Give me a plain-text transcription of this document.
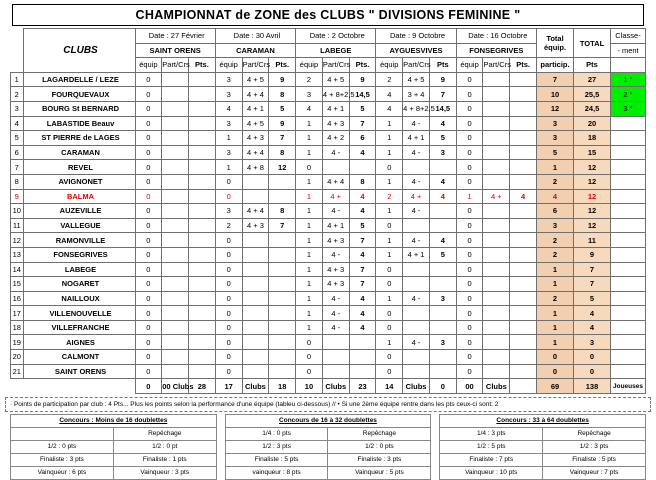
CHAMPIONNAT de ZONE des CLUBS " DIVISIONS FEMININE "
	CLUBS	Date : 27 Février			Date : 30 Avril			Date : 2 Octobre			Date : 9 Octobre			Date : 16 Octobre			Total
équip.	TOTAL	Classe-
		SAINT ORENS			CARAMAN			LABEGE			AYGUESVIVES			FONSEGRIVES					- ment
		équip	Part/Crs	Pts.	équip	Part/Crs	Pts.	équip	Part/Crs	Pts.	équip	Part/Crs	Pts	équip	Part/Crs	Pts.	particip.	Pts	
1	LAGARDELLE / LEZE	0			3	4 + 5	9	2	4 + 5	9	2	4 + 5	9	0			7	27	1 °
2	FOURQUEVAUX	0			3	4 + 4	8	3	4 + 8+2,5	14,5	4	3 + 4	7	0			10	25,5	2 °
3	BOURG St BERNARD	0			4	4 + 1	5	4	4 + 1	5	4	4 + 8+2,5	14,5	0			12	24,5	3 °
4	LABASTIDE Beauv	0			3	4 + 5	9	1	4 + 3	7	1	4 -	4	0			3	20	
5	ST PIERRE de LAGES	0			1	4 + 3	7	1	4 + 2	6	1	4 + 1	5	0			3	18	
6	CARAMAN	0			3	4 + 4	8	1	4 -	4	1	4 -	3	0			5	15	
7	REVEL	0			1	4 + 8	12	0			0			0			1	12	
8	AVIGNONET	0			0			1	4 + 4	8	1	4 -	4	0			2	12	
9	BALMA	0			0			1	4 +	4	2	4 +	4	1	4 +	4	4	12	
10	AUZEVILLE	0			3	4 + 4	8	1	4 -	4	1	4 -		0			6	12	
11	VALLEGUE	0			2	4 + 3	7	1	4 + 1	5	0			0			3	12	
12	RAMONVILLE	0			0			1	4 + 3	7	1	4 -	4	0			2	11	
13	FONSEGRIVES	0			0			1	4 -	4	1	4 + 1	5	0			2	9	
14	LABEGE	0			0			1	4 + 3	7	0			0			1	7	
15	NOGARET	0			0			1	4 + 3	7	0			0			1	7	
16	NAILLOUX	0			0			1	4 -	4	1	4 -	3	0			2	5	
17	VILLENOUVELLE	0			0			1	4 -	4	0			0			1	4	
18	VILLEFRANCHE	0			0			1	4 -	4	0			0			1	4	
19	AIGNES	0			0			0			1	4 -	3	0			1	3	
20	CALMONT	0			0			0			0			0			0	0	
21	SAINT ORENS	0			0			0			0			0			0	0	
		0	00 Clubs	28	17	Clubs	18	10	Clubs	23	14	Clubs	0	00	Clubs		69	138	Joueuses
· Points de participation par club : 4 Pts... Plus les points selon la performance d'une équipe (tableu ci-dessous) // • Si une 2ème équipe rentre dans les pts ceux-ci sont: 2
Concours : Moins de 16 doublettes			Concours de 16 à 32 doublettes			Concours : 33 à 64 doublettes	
	Repêchage		1/4 : 0 pts	Repêchage		1/4 : 3 pts	Repêchage
1/2 : 0 pts	1/2 : 0 pt		1/2 : 3 pts	1/2 : 0 pts		1/2 : 5 pts	1/2 : 3 pts
Finaliste : 3 pts	Finaliste : 1 pts		Finaliste : 5 pts	Finaliste : 3 pts		Finaliste : 7 pts	Finaliste : 5 pts
Vainqueur : 6 pts	Vainqueur : 3 pts		vainqueur : 8 pts	Vainqueur : 5 pts		Vainqueur : 10 pts	Vainqueur : 7 pts
